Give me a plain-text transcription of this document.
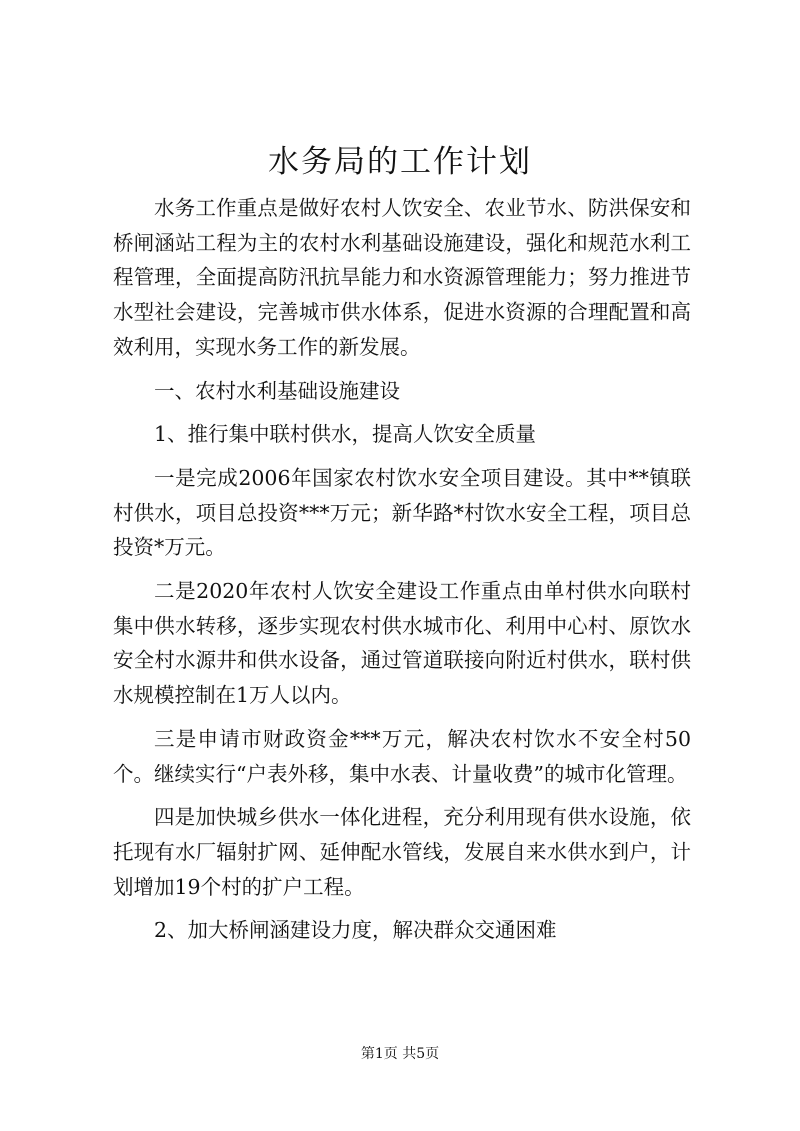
水务局的工作计划

水务工作重点是做好农村人饮安全、农业节水、防洪保安和桥闸涵站工程为主的农村水利基础设施建设，强化和规范水利工程管理，全面提高防汛抗旱能力和水资源管理能力；努力推进节水型社会建设，完善城市供水体系，促进水资源的合理配置和高效利用，实现水务工作的新发展。

一、农村水利基础设施建设

1、推行集中联村供水，提高人饮安全质量

一是完成2006年国家农村饮水安全项目建设。其中**镇联村供水，项目总投资***万元；新华路*村饮水安全工程，项目总投资*万元。

二是2020年农村人饮安全建设工作重点由单村供水向联村集中供水转移，逐步实现农村供水城市化、利用中心村、原饮水安全村水源井和供水设备，通过管道联接向附近村供水，联村供水规模控制在1万人以内。

三是申请市财政资金***万元，解决农村饮水不安全村50个。继续实行“户表外移，集中水表、计量收费”的城市化管理。

四是加快城乡供水一体化进程，充分利用现有供水设施，依托现有水厂辐射扩网、延伸配水管线，发展自来水供水到户，计划增加19个村的扩户工程。

2、加大桥闸涵建设力度，解决群众交通困难

第1页 共5页
